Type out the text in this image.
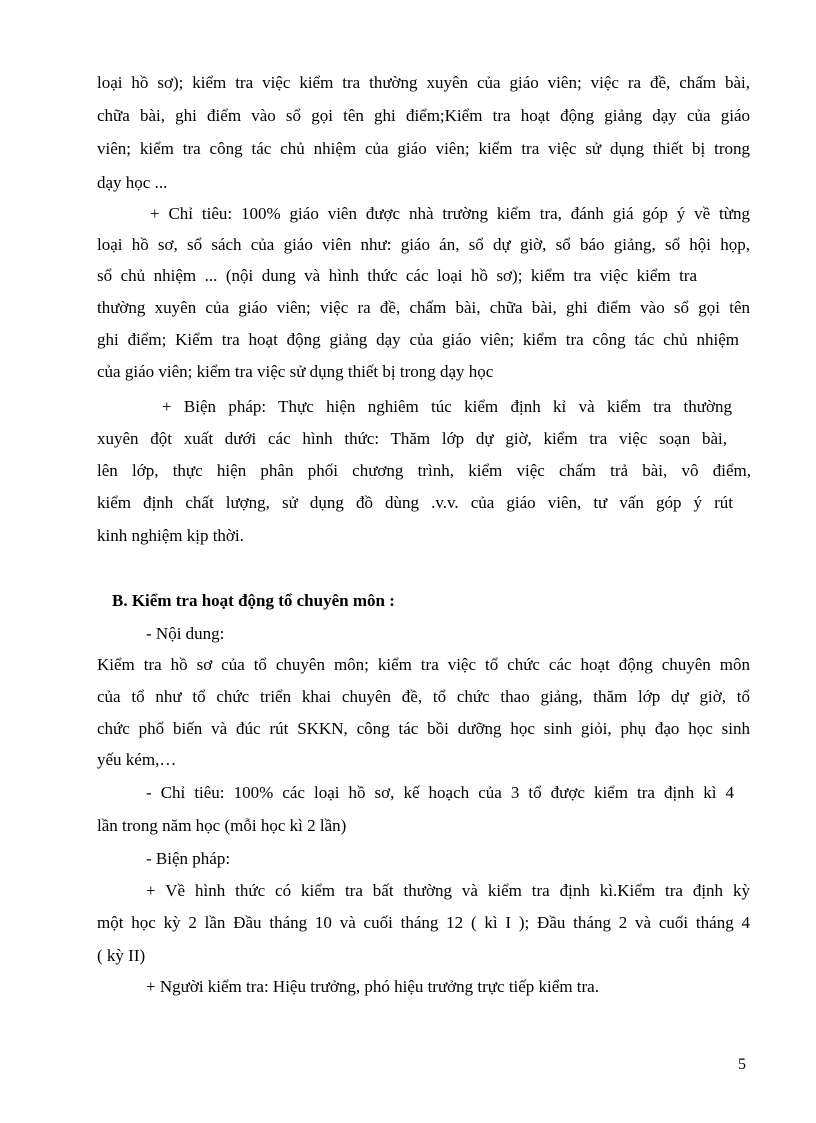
loại hồ sơ); kiểm tra việc kiểm tra thường xuyên của giáo viên; việc ra đề, chấm bài,
chữa bài, ghi điểm vào sổ gọi tên ghi điểm;Kiểm tra hoạt động giảng dạy của giáo
viên; kiểm tra công tác chủ nhiệm của giáo viên; kiểm tra việc sử dụng thiết bị trong
dạy học ...
+ Chỉ tiêu: 100% giáo viên được nhà trường kiểm tra, đánh giá góp ý về từng
loại hồ sơ, sổ sách của giáo viên như: giáo án, sổ dự giờ, sổ báo giảng, sổ hội họp,
sổ chủ nhiệm ... (nội dung và hình thức các loại hồ sơ); kiểm tra việc kiểm tra
thường xuyên của giáo viên; việc ra đề, chấm bài, chữa bài, ghi điểm vào sổ gọi tên
ghi điểm; Kiểm tra hoạt động giảng dạy của giáo viên; kiểm tra công tác chủ nhiệm
của giáo viên; kiểm tra việc sử dụng thiết bị trong dạy học
+ Biện pháp: Thực hiện nghiêm túc kiểm định kỉ và kiểm tra thường
xuyên đột xuất dưới các hình thức: Thăm lớp dự giờ, kiểm tra việc soạn bài,
lên lớp, thực hiện phân phối chương trình, kiểm việc chấm trả bài, vô điểm,
kiểm định chất lượng, sử dụng đồ dùng .v.v. của giáo viên, tư vấn góp ý rút
kinh nghiệm kịp thời.
B. Kiểm tra hoạt động tổ chuyên môn :
- Nội dung:
Kiểm tra hồ sơ của tổ chuyên môn; kiểm tra việc tổ chức các hoạt động chuyên môn
của tổ như tổ chức triển khai chuyên đề, tổ chức thao giảng, thăm lớp dự giờ, tổ
chức phổ biến và đúc rút SKKN, công tác bồi dưỡng học sinh giỏi, phụ đạo học sinh
yếu kém,…
- Chỉ tiêu: 100% các loại hồ sơ, kế hoạch của 3 tổ được kiểm tra định kì 4
lần trong năm học (mỗi học kì 2 lần)
- Biện pháp:
+ Về hình thức có kiểm tra bất thường và kiểm tra định kì.Kiểm tra định kỳ
một học kỳ 2 lần Đầu tháng 10 và cuối tháng 12 ( kì I ); Đầu tháng 2 và cuối tháng 4
( kỳ II)
+ Người kiểm tra: Hiệu trưởng, phó hiệu trưởng trực tiếp kiểm tra.
5
